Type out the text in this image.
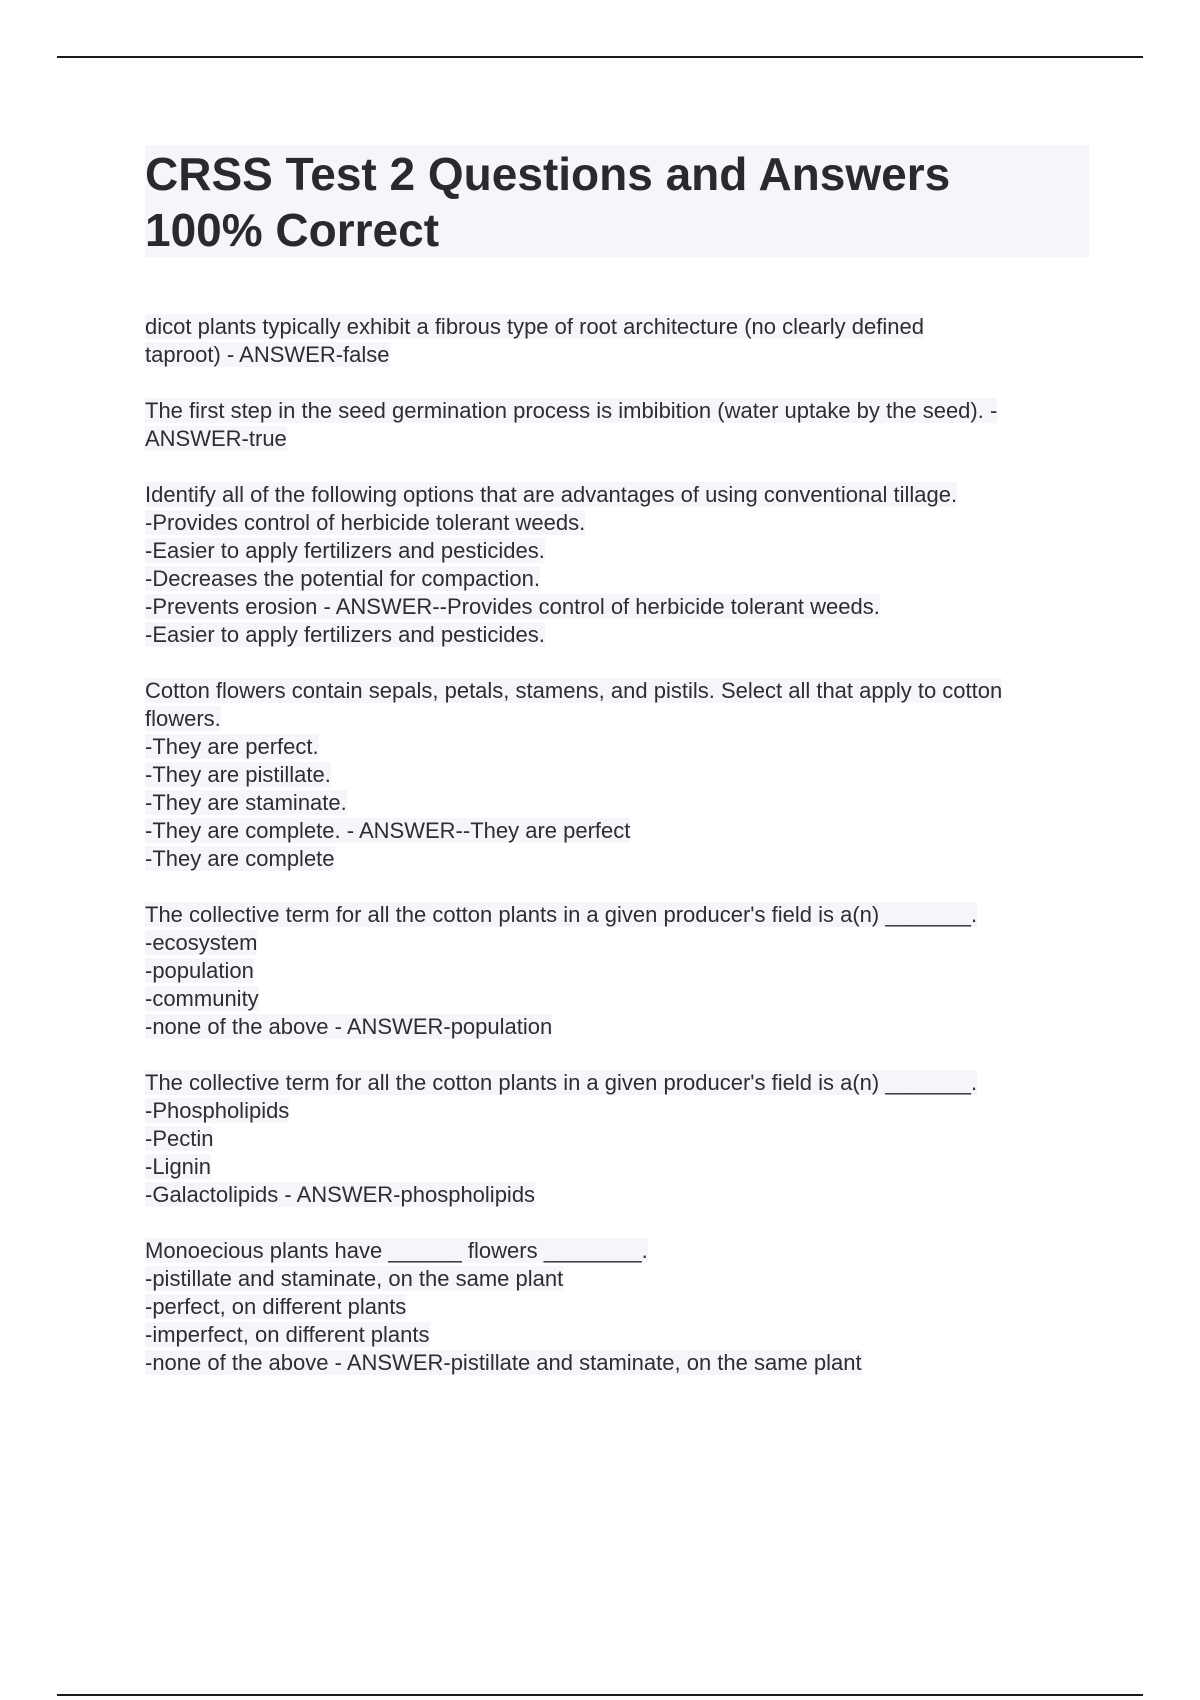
CRSS Test 2 Questions and Answers
100% Correct
dicot plants typically exhibit a fibrous type of root architecture (no clearly defined
taproot) - ANSWER-false
The first step in the seed germination process is imbibition (water uptake by the seed). -
ANSWER-true
Identify all of the following options that are advantages of using conventional tillage.
-Provides control of herbicide tolerant weeds.
-Easier to apply fertilizers and pesticides.
-Decreases the potential for compaction.
-Prevents erosion - ANSWER--Provides control of herbicide tolerant weeds.
-Easier to apply fertilizers and pesticides.
Cotton flowers contain sepals, petals, stamens, and pistils. Select all that apply to cotton
flowers.
-They are perfect.
-They are pistillate.
-They are staminate.
-They are complete. - ANSWER--They are perfect
-They are complete
The collective term for all the cotton plants in a given producer's field is a(n) _______.
-ecosystem
-population
-community
-none of the above - ANSWER-population
The collective term for all the cotton plants in a given producer's field is a(n) _______.
-Phospholipids
-Pectin
-Lignin
-Galactolipids - ANSWER-phospholipids
Monoecious plants have ______ flowers ________.
-pistillate and staminate, on the same plant
-perfect, on different plants
-imperfect, on different plants
-none of the above - ANSWER-pistillate and staminate, on the same plant
